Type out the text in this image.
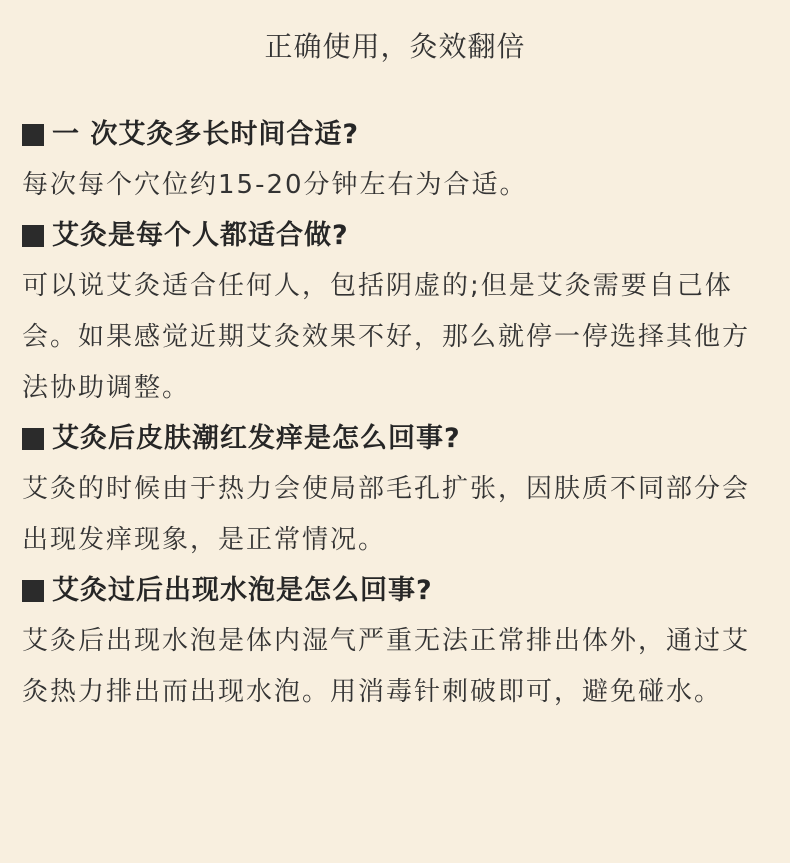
正确使用，灸效翻倍
一 次艾灸多长时间合适?

每次每个穴位约15-20分钟左右为合适。

艾灸是每个人都适合做?

可以说艾灸适合任何人，包括阴虚的;但是艾灸需要自己体会。如果感觉近期艾灸效果不好，那么就停一停选择其他方法协助调整。

艾灸后皮肤潮红发痒是怎么回事?

艾灸的时候由于热力会使局部毛孔扩张，因肤质不同部分会出现发痒现象，是正常情况。

艾灸过后出现水泡是怎么回事?

艾灸后出现水泡是体内湿气严重无法正常排出体外，通过艾灸热力排出而出现水泡。用消毒针刺破即可，避免碰水。
